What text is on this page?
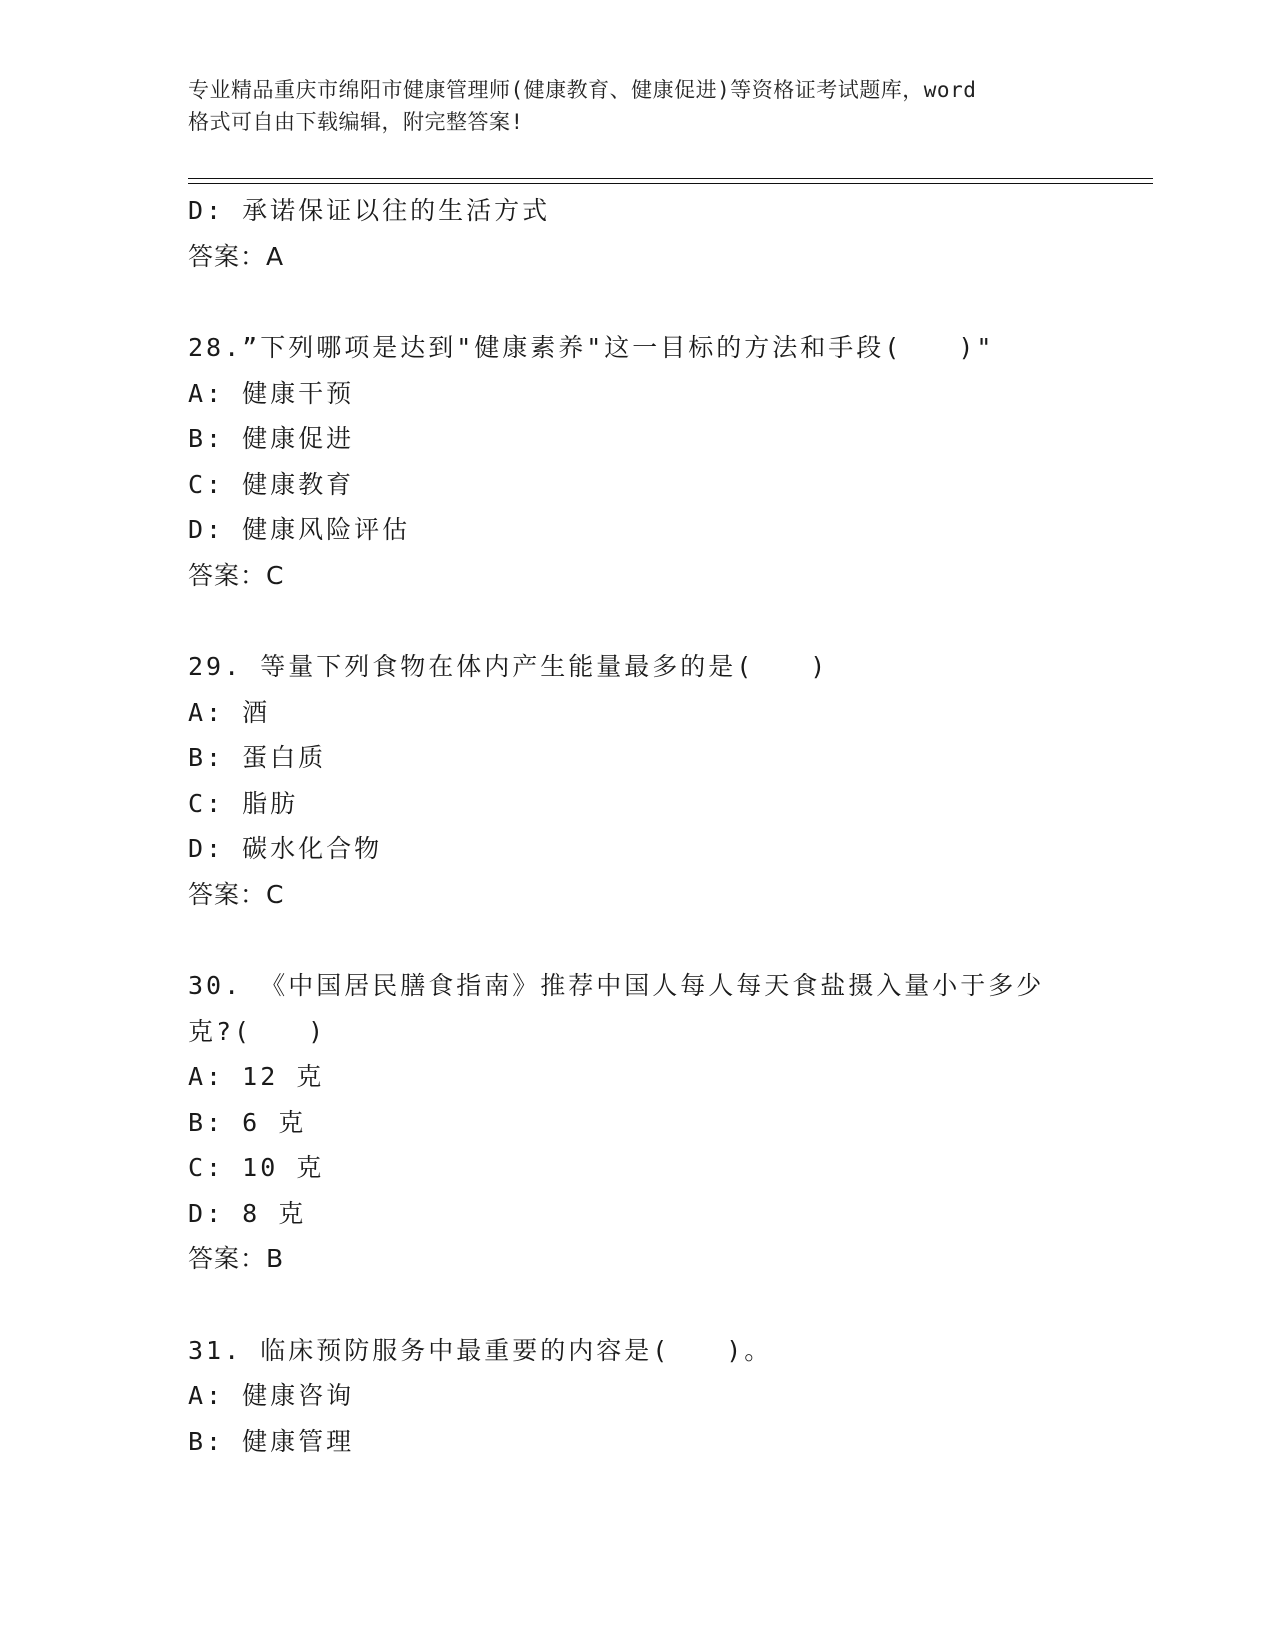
专业精品重庆市绵阳市健康管理师(健康教育、健康促进)等资格证考试题库，word
格式可自由下载编辑，附完整答案!
D: 承诺保证以往的生活方式
答案：A
28.”下列哪项是达到"健康素养"这一目标的方法和手段(　　)"
A: 健康干预
B: 健康促进
C: 健康教育
D: 健康风险评估
答案：C
29. 等量下列食物在体内产生能量最多的是(　　)
A: 酒
B: 蛋白质
C: 脂肪
D: 碳水化合物
答案：C
30. 《中国居民膳食指南》推荐中国人每人每天食盐摄入量小于多少
克?(　　)
A: 12 克
B: 6 克
C: 10 克
D: 8 克
答案：B
31. 临床预防服务中最重要的内容是(　　)。
A: 健康咨询
B: 健康管理
